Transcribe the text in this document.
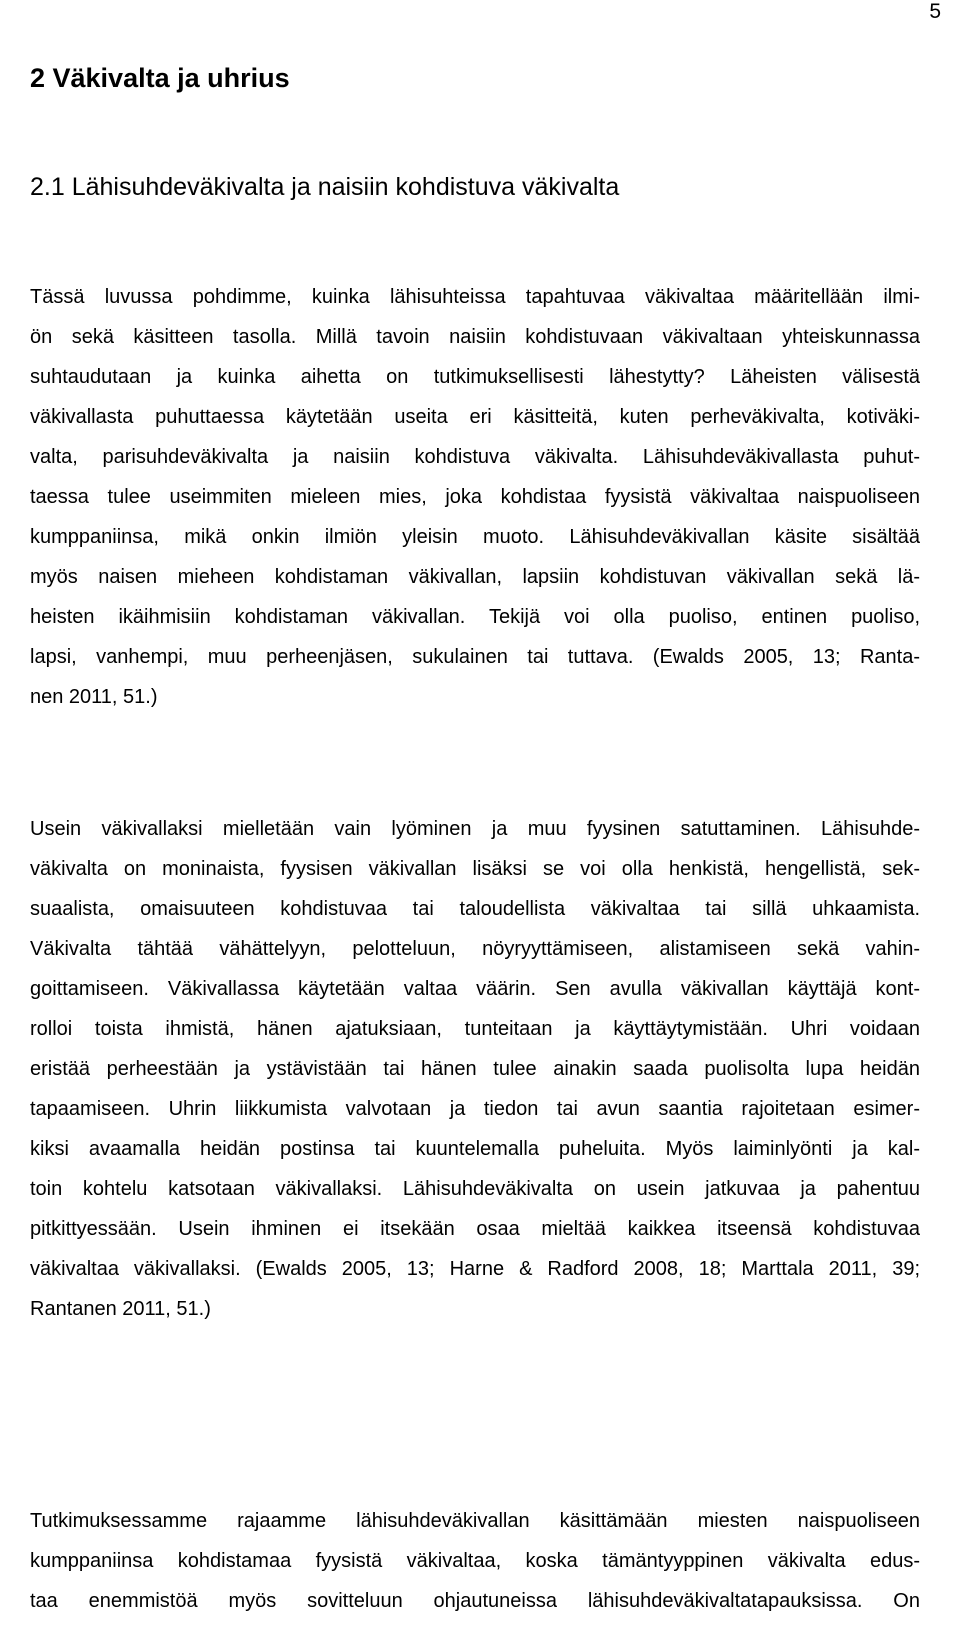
5
2 Väkivalta ja uhrius
2.1 Lähisuhdeväkivalta ja naisiin kohdistuva väkivalta
Tässä luvussa pohdimme, kuinka lähisuhteissa tapahtuvaa väkivaltaa määritellään ilmi-
ön sekä käsitteen tasolla. Millä tavoin naisiin kohdistuvaan väkivaltaan yhteiskunnassa
suhtaudutaan ja kuinka aihetta on tutkimuksellisesti lähestytty? Läheisten välisestä
väkivallasta puhuttaessa käytetään useita eri käsitteitä, kuten perheväkivalta, kotiväki-
valta, parisuhdeväkivalta ja naisiin kohdistuva väkivalta. Lähisuhdeväkivallasta puhut-
taessa tulee useimmiten mieleen mies, joka kohdistaa fyysistä väkivaltaa naispuoliseen
kumppaniinsa, mikä onkin ilmiön yleisin muoto. Lähisuhdeväkivallan käsite sisältää
myös naisen mieheen kohdistaman väkivallan, lapsiin kohdistuvan väkivallan sekä lä-
heisten ikäihmisiin kohdistaman väkivallan. Tekijä voi olla puoliso, entinen puoliso,
lapsi, vanhempi, muu perheenjäsen, sukulainen tai tuttava. (Ewalds 2005, 13; Ranta-
nen 2011, 51.)
Usein väkivallaksi mielletään vain lyöminen ja muu fyysinen satuttaminen. Lähisuhde-
väkivalta on moninaista, fyysisen väkivallan lisäksi se voi olla henkistä, hengellistä, sek-
suaalista, omaisuuteen kohdistuvaa tai taloudellista väkivaltaa tai sillä uhkaamista.
Väkivalta tähtää vähättelyyn, pelotteluun, nöyryyttämiseen, alistamiseen sekä vahin-
goittamiseen. Väkivallassa käytetään valtaa väärin. Sen avulla väkivallan käyttäjä kont-
rolloi toista ihmistä, hänen ajatuksiaan, tunteitaan ja käyttäytymistään. Uhri voidaan
eristää perheestään ja ystävistään tai hänen tulee ainakin saada puolisolta lupa heidän
tapaamiseen. Uhrin liikkumista valvotaan ja tiedon tai avun saantia rajoitetaan esimer-
kiksi avaamalla heidän postinsa tai kuuntelemalla puheluita. Myös laiminlyönti ja kal-
toin kohtelu katsotaan väkivallaksi. Lähisuhdeväkivalta on usein jatkuvaa ja pahentuu
pitkittyessään. Usein ihminen ei itsekään osaa mieltää kaikkea itseensä kohdistuvaa
väkivaltaa väkivallaksi. (Ewalds 2005, 13; Harne & Radford 2008, 18; Marttala 2011, 39;
Rantanen 2011, 51.)
Tutkimuksessamme rajaamme lähisuhdeväkivallan käsittämään miesten naispuoliseen
kumppaniinsa kohdistamaa fyysistä väkivaltaa, koska tämäntyyppinen väkivalta edus-
taa enemmistöä myös sovitteluun ohjautuneissa lähisuhdeväkivaltatapauksissa. On
